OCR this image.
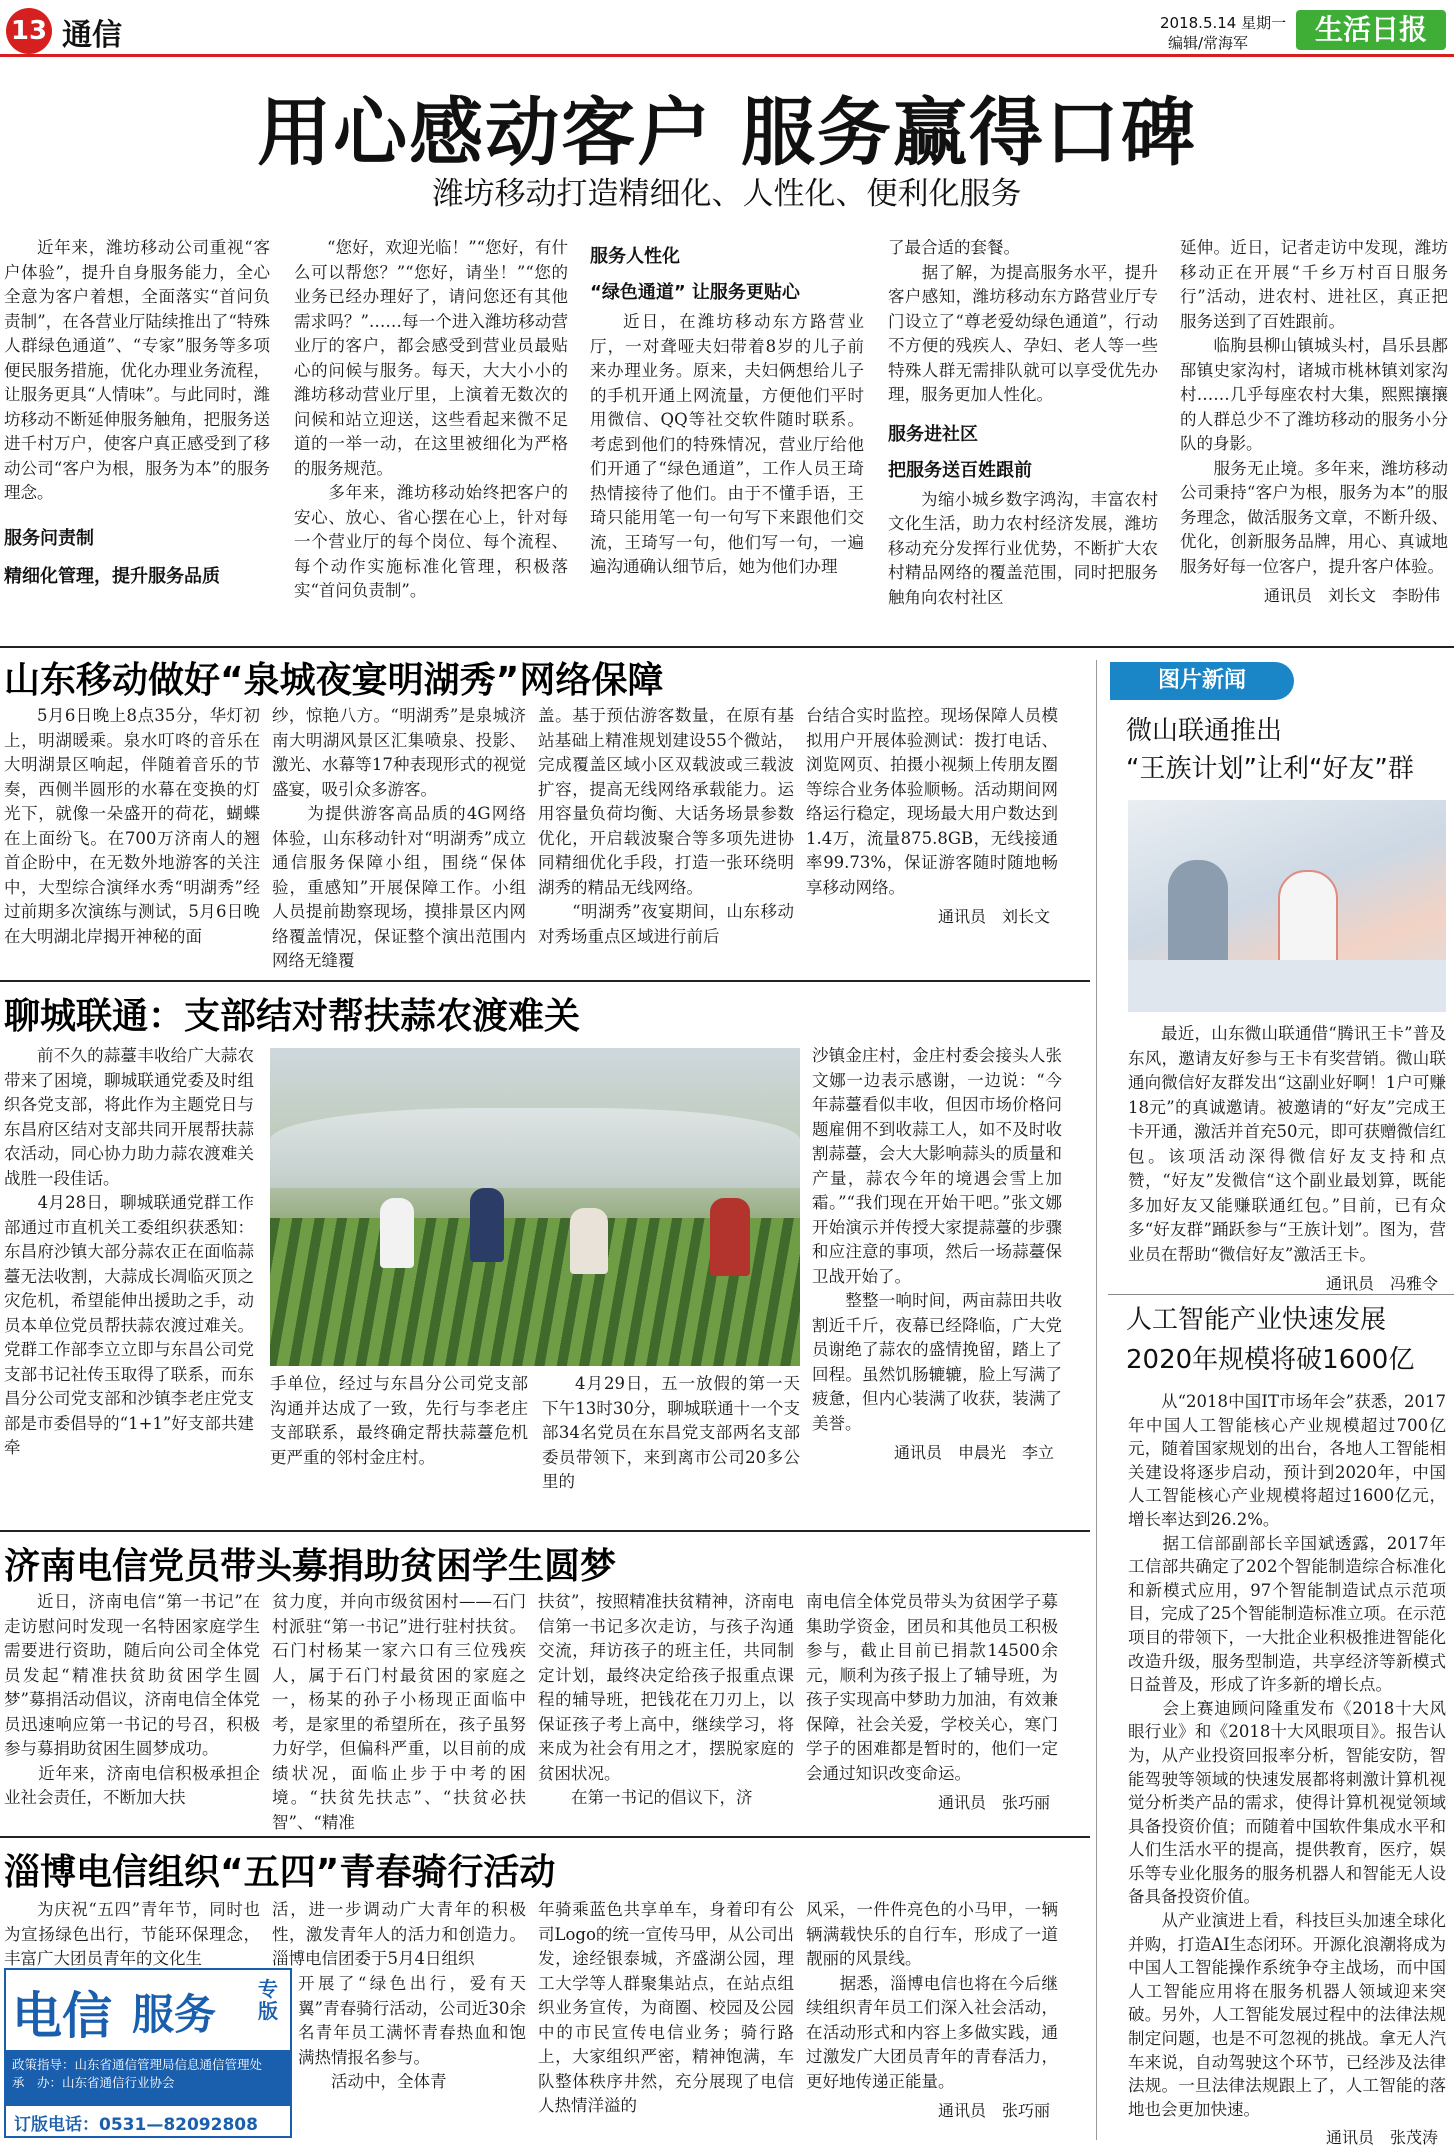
13 通信	2018.5.14 星期一
编辑/常海军	生活日报
用心感动客户 服务赢得口碑
潍坊移动打造精细化、人性化、便利化服务
近年来，潍坊移动公司重视“客户体验”，提升自身服务能力，全心全意为客户着想，全面落实“首问负责制”，在各营业厅陆续推出了“特殊人群绿色通道”、“专家”服务等多项便民服务措施，优化办理业务流程，让服务更具“人情味”。与此同时，潍坊移动不断延伸服务触角，把服务送进千村万户，使客户真正感受到了移动公司“客户为根，服务为本”的服务理念。
服务问责制
精细化管理，提升服务品质
“您好，欢迎光临！”“您好，有什么可以帮您？”“您好，请坐！”“您的业务已经办理好了，请问您还有其他需求吗？”……每一个进入潍坊移动营业厅的客户，都会感受到营业员最贴心的问候与服务。每天，大大小小的潍坊移动营业厅里，上演着无数次的问候和站立迎送，这些看起来微不足道的一举一动，在这里被细化为严格的服务规范。
　　多年来，潍坊移动始终把客户的安心、放心、省心摆在心上，针对每一个营业厅的每个岗位、每个流程、每个动作实施标准化管理，积极落实“首问负责制”。
服务人性化
“绿色通道” 让服务更贴心
近日，在潍坊移动东方路营业厅，一对聋哑夫妇带着8岁的儿子前来办理业务。原来，夫妇俩想给儿子的手机开通上网流量，方便他们平时用微信、QQ等社交软件随时联系。考虑到他们的特殊情况，营业厅给他们开通了“绿色通道”，工作人员王琦热情接待了他们。由于不懂手语，王琦只能用笔一句一句写下来跟他们交流，王琦写一句，他们写一句，一遍遍沟通确认细节后，她为他们办理
了最合适的套餐。
　　据了解，为提高服务水平，提升客户感知，潍坊移动东方路营业厅专门设立了“尊老爱幼绿色通道”，行动不方便的残疾人、孕妇、老人等一些特殊人群无需排队就可以享受优先办理，服务更加人性化。
服务进社区
把服务送百姓跟前
为缩小城乡数字鸿沟，丰富农村文化生活，助力农村经济发展，潍坊移动充分发挥行业优势，不断扩大农村精品网络的覆盖范围，同时把服务触角向农村社区
延伸。近日，记者走访中发现，潍坊移动正在开展“千乡万村百日服务行”活动，进农村、进社区，真正把服务送到了百姓跟前。
　　临朐县柳山镇城头村，昌乐县鄌郚镇史家沟村，诸城市桃林镇刘家沟村……几乎每座农村大集，熙熙攘攘的人群总少不了潍坊移动的服务小分队的身影。
　　服务无止境。多年来，潍坊移动公司秉持“客户为根，服务为本”的服务理念，做活服务文章，不断升级、优化，创新服务品牌，用心、真诚地服务好每一位客户，提升客户体验。
通讯员　刘长文　李盼伟
山东移动做好“泉城夜宴明湖秀”网络保障
5月6日晚上8点35分，华灯初上，明湖暖乘。泉水叮咚的音乐在大明湖景区响起，伴随着音乐的节奏，西侧半圆形的水幕在变换的灯光下，就像一朵盛开的荷花，蝴蝶在上面纷飞。在700万济南人的翘首企盼中，在无数外地游客的关注中，大型综合演绎水秀“明湖秀”经过前期多次演练与测试，5月6日晚在大明湖北岸揭开神秘的面
纱，惊艳八方。“明湖秀”是泉城济南大明湖风景区汇集喷泉、投影、激光、水幕等17种表现形式的视觉盛宴，吸引众多游客。
　　为提供游客高品质的4G网络体验，山东移动针对“明湖秀”成立通信服务保障小组，围绕“保体验，重感知”开展保障工作。小组人员提前勘察现场，摸排景区内网络覆盖情况，保证整个演出范围内网络无缝覆
盖。基于预估游客数量，在原有基站基础上精准规划建设55个微站，完成覆盖区域小区双载波或三载波扩容，提高无线网络承载能力。运用容量负荷均衡、大话务场景参数优化，开启载波聚合等多项先进协同精细优化手段，打造一张环绕明湖秀的精品无线网络。
　　“明湖秀”夜宴期间，山东移动对秀场重点区域进行前后
台结合实时监控。现场保障人员模拟用户开展体验测试：拨打电话、浏览网页、拍摄小视频上传朋友圈等综合业务体验顺畅。活动期间网络运行稳定，现场最大用户数达到1.4万，流量875.8GB，无线接通率99.73%，保证游客随时随地畅享移动网络。
通讯员　刘长文
聊城联通：支部结对帮扶蒜农渡难关
前不久的蒜薹丰收给广大蒜农带来了困境，聊城联通党委及时组织各党支部，将此作为主题党日与东昌府区结对支部共同开展帮扶蒜农活动，同心协力助力蒜农渡难关战胜一段佳话。
　　4月28日，聊城联通党群工作部通过市直机关工委组织获悉知：东昌府沙镇大部分蒜农正在面临蒜薹无法收割，大蒜成长凋临灭顶之灾危机，希望能伸出援助之手，动员本单位党员帮扶蒜农渡过难关。党群工作部李立立即与东昌公司党支部书记社传玉取得了联系，而东昌分公司党支部和沙镇李老庄党支部是市委倡导的“1+1”好支部共建牵
手单位，经过与东昌分公司党支部沟通并达成了一致，先行与李老庄支部联系，最终确定帮扶蒜薹危机更严重的邻村金庄村。
4月29日，五一放假的第一天下午13时30分，聊城联通十一个支部34名党员在东昌党支部两名支部委员带领下，来到离市公司20多公里的
沙镇金庄村，金庄村委会接头人张文娜一边表示感谢，一边说：“今年蒜薹看似丰收，但因市场价格问题雇佣不到收蒜工人，如不及时收割蒜薹，会大大影响蒜头的质量和产量，蒜农今年的境遇会雪上加霜。”“我们现在开始干吧。”张文娜开始演示并传授大家提蒜薹的步骤和应注意的事项，然后一场蒜薹保卫战开始了。
　　整整一响时间，两亩蒜田共收割近千斤，夜幕已经降临，广大党员谢绝了蒜农的盛情挽留，踏上了回程。虽然饥肠辘辘，脸上写满了疲惫，但内心装满了收获，装满了美誉。
通讯员　申晨光　李立
济南电信党员带头募捐助贫困学生圆梦
近日，济南电信“第一书记”在走访慰问时发现一名特困家庭学生需要进行资助，随后向公司全体党员发起“精准扶贫助贫困学生圆梦”募捐活动倡议，济南电信全体党员迅速响应第一书记的号召，积极参与募捐助贫困生圆梦成功。
　　近年来，济南电信积极承担企业社会责任，不断加大扶
贫力度，并向市级贫困村——石门村派驻“第一书记”进行驻村扶贫。石门村杨某一家六口有三位残疾人，属于石门村最贫困的家庭之一，杨某的孙子小杨现正面临中考，是家里的希望所在，孩子虽努力好学，但偏科严重，以目前的成绩状况，面临止步于中考的困境。“扶贫先扶志”、“扶贫必扶智”、“精准
扶贫”，按照精准扶贫精神，济南电信第一书记多次走访，与孩子沟通交流，拜访孩子的班主任，共同制定计划，最终决定给孩子报重点课程的辅导班，把钱花在刀刃上，以保证孩子考上高中，继续学习，将来成为社会有用之才，摆脱家庭的贫困状况。
　　在第一书记的倡议下，济
南电信全体党员带头为贫困学子募集助学资金，团员和其他员工积极参与，截止目前已捐款14500余元，顺利为孩子报上了辅导班，为孩子实现高中梦助力加油，有效兼保障，社会关爱，学校关心，寒门学子的困难都是暂时的，他们一定会通过知识改变命运。
通讯员　张巧丽
淄博电信组织“五四”青春骑行活动
为庆祝“五四”青年节，同时也为宣扬绿色出行，节能环保理念，丰富广大团员青年的文化生
活，进一步调动广大青年的积极性，激发青年人的活力和创造力。淄博电信团委于5月4日组织
开展了“绿色出行，爱有天翼”青春骑行活动，公司近30余名青年员工满怀青春热血和饱满热情报名参与。
　　活动中，全体青
年骑乘蓝色共享单车，身着印有公司Logo的统一宣传马甲，从公司出发，途经银泰城，齐盛湖公园，理工大学等人群聚集站点，在站点组织业务宣传，为商圈、校园及公园中的市民宣传电信业务；骑行路上，大家组织严密，精神饱满，车队整体秩序井然，充分展现了电信人热情洋溢的
风采，一件件亮色的小马甲，一辆辆满载快乐的自行车，形成了一道靓丽的风景线。
　　据悉，淄博电信也将在今后继续组织青年员工们深入社会活动，在活动形式和内容上多做实践，通过激发广大团员青年的青春活力，更好地传递正能量。
通讯员　张巧丽
电信 服务
专版
政策指导：山东省通信管理局信息通信管理处
承　办：山东省通信行业协会
订版电话：0531—82092808
图片新闻
微山联通推出
“王族计划”让利“好友”群
最近，山东微山联通借“腾讯王卡”普及东风，邀请友好参与王卡有奖营销。微山联通向微信好友群发出“这副业好啊！1户可赚18元”的真诚邀请。被邀请的“好友”完成王卡开通，激活并首充50元，即可获赠微信红包。该项活动深得微信好友支持和点赞，“好友”发微信“这个副业最划算，既能多加好友又能赚联通红包。”目前，已有众多“好友群”踊跃参与“王族计划”。图为，营业员在帮助“微信好友”激活王卡。
通讯员　冯雅令
人工智能产业快速发展
2020年规模将破1600亿
从“2018中国IT市场年会”获悉，2017年中国人工智能核心产业规模超过700亿元，随着国家规划的出台，各地人工智能相关建设将逐步启动，预计到2020年，中国人工智能核心产业规模将超过1600亿元，增长率达到26.2%。
　　据工信部副部长辛国斌透露，2017年工信部共确定了202个智能制造综合标准化和新模式应用，97个智能制造试点示范项目，完成了25个智能制造标准立项。在示范项目的带领下，一大批企业积极推进智能化改造升级，服务型制造，共享经济等新模式日益普及，形成了许多新的增长点。
　　会上赛迪顾问隆重发布《2018十大风眼行业》和《2018十大风眼项目》。报告认为，从产业投资回报率分析，智能安防，智能驾驶等领域的快速发展都将刺激计算机视觉分析类产品的需求，使得计算机视觉领域具备投资价值；而随着中国软件集成水平和人们生活水平的提高，提供教育，医疗，娱乐等专业化服务的服务机器人和智能无人设备具备投资价值。
　　从产业演进上看，科技巨头加速全球化并购，打造AI生态闭环。开源化浪潮将成为中国人工智能操作系统争夺主战场，而中国人工智能应用将在服务机器人领域迎来突破。另外，人工智能发展过程中的法律法规制定问题，也是不可忽视的挑战。拿无人汽车来说，自动驾驶这个环节，已经涉及法律法规。一旦法律法规跟上了，人工智能的落地也会更加快速。
通讯员　张茂涛
